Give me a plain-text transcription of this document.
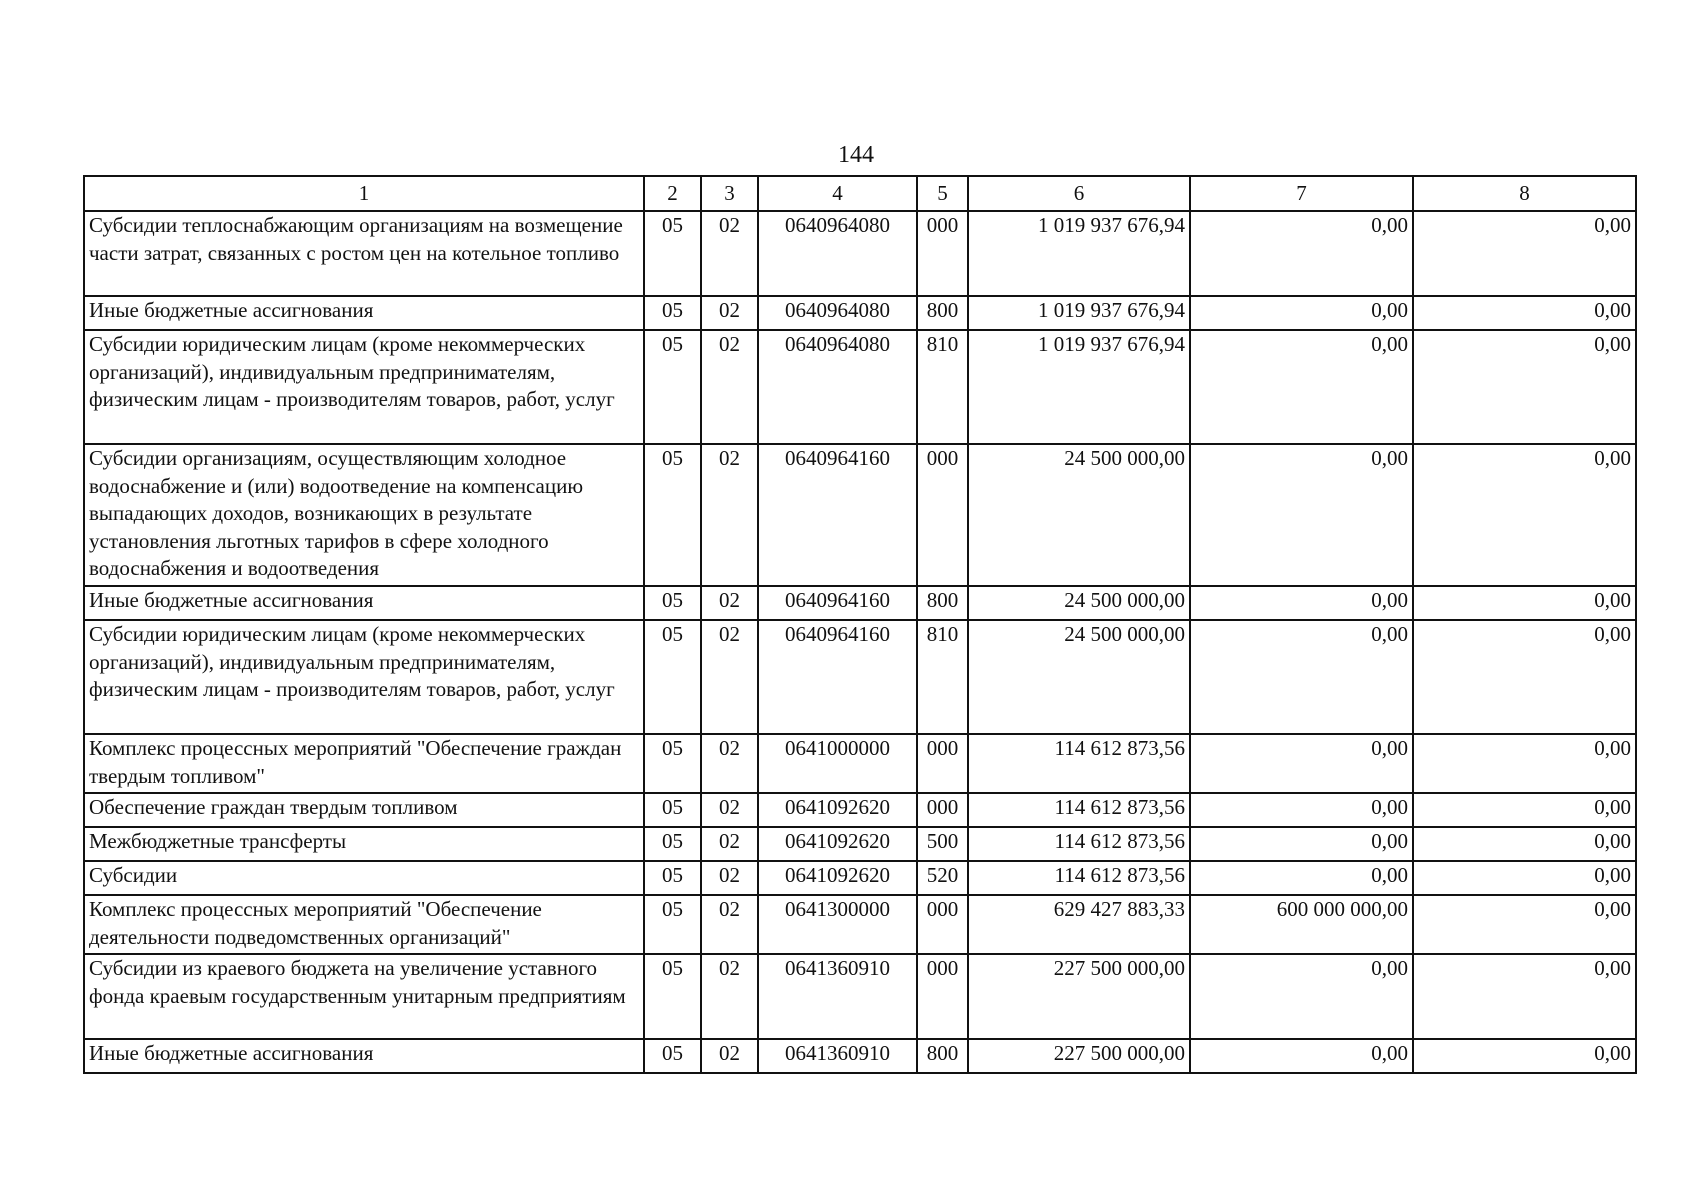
144
1	2	3	4	5	6	7	8
Субсидии теплоснабжающим организациям на возмещение части затрат, связанных с ростом цен на котельное топливо	05	02	0640964080	000	1 019 937 676,94	0,00	0,00
Иные бюджетные ассигнования	05	02	0640964080	800	1 019 937 676,94	0,00	0,00
Субсидии юридическим лицам (кроме некоммерческих организаций), индивидуальным предпринимателям, физическим лицам - производителям товаров, работ, услуг	05	02	0640964080	810	1 019 937 676,94	0,00	0,00
Субсидии организациям, осуществляющим холодное водоснабжение и (или) водоотведение на компенсацию выпадающих доходов, возникающих в результате установления льготных тарифов в сфере холодного водоснабжения и водоотведения	05	02	0640964160	000	24 500 000,00	0,00	0,00
Иные бюджетные ассигнования	05	02	0640964160	800	24 500 000,00	0,00	0,00
Субсидии юридическим лицам (кроме некоммерческих организаций), индивидуальным предпринимателям, физическим лицам - производителям товаров, работ, услуг	05	02	0640964160	810	24 500 000,00	0,00	0,00
Комплекс процессных мероприятий "Обеспечение граждан твердым топливом"	05	02	0641000000	000	114 612 873,56	0,00	0,00
Обеспечение граждан твердым топливом	05	02	0641092620	000	114 612 873,56	0,00	0,00
Межбюджетные трансферты	05	02	0641092620	500	114 612 873,56	0,00	0,00
Субсидии	05	02	0641092620	520	114 612 873,56	0,00	0,00
Комплекс процессных мероприятий "Обеспечение деятельности подведомственных организаций"	05	02	0641300000	000	629 427 883,33	600 000 000,00	0,00
Субсидии из краевого бюджета на увеличение уставного фонда краевым государственным унитарным предприятиям	05	02	0641360910	000	227 500 000,00	0,00	0,00
Иные бюджетные ассигнования	05	02	0641360910	800	227 500 000,00	0,00	0,00
